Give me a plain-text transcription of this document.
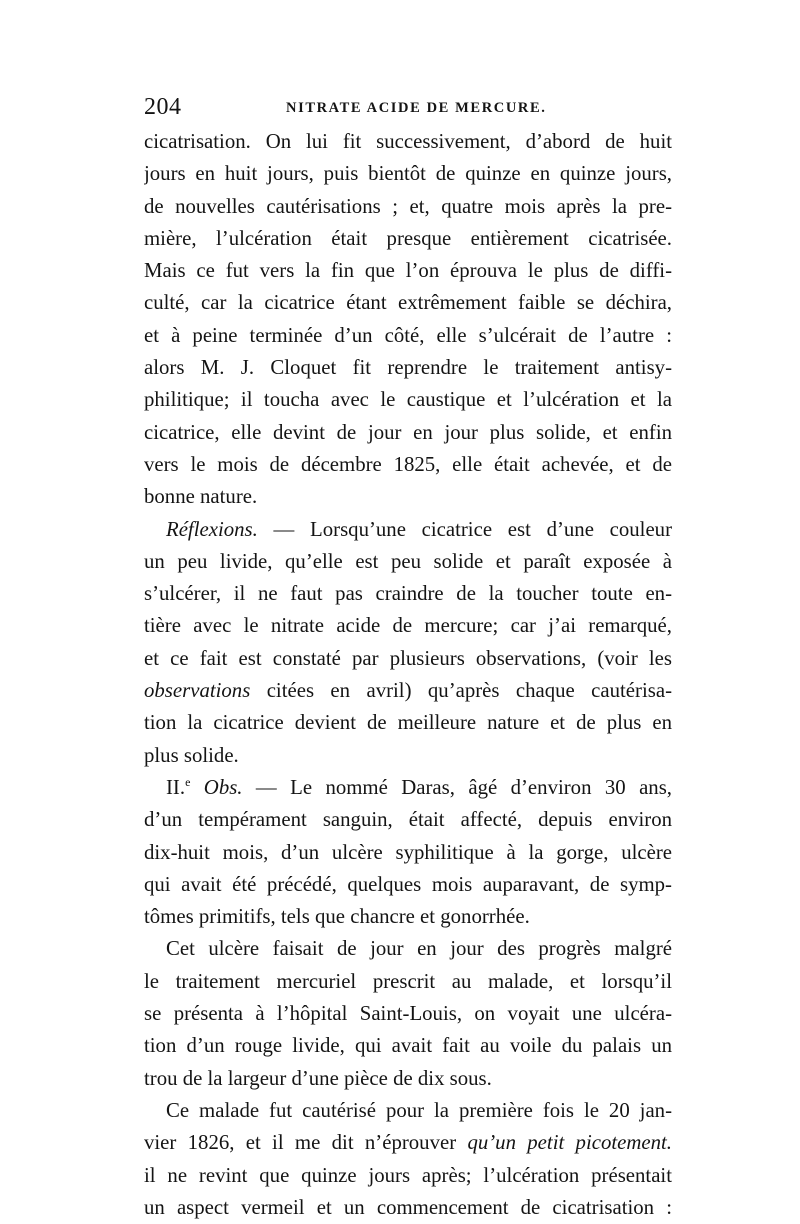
204	NITRATE ACIDE DE MERCURE.
cicatrisation. On lui fit successivement, d’abord de huit
jours en huit jours, puis bientôt de quinze en quinze jours,
de nouvelles cautérisations ; et, quatre mois après la pre-
mière, l’ulcération était presque entièrement cicatrisée.
Mais ce fut vers la fin que l’on éprouva le plus de diffi-
culté, car la cicatrice étant extrêmement faible se déchira,
et à peine terminée d’un côté, elle s’ulcérait de l’autre :
alors M. J. Cloquet fit reprendre le traitement antisy-
philitique; il toucha avec le caustique et l’ulcération et la
cicatrice, elle devint de jour en jour plus solide, et enfin
vers le mois de décembre 1825, elle était achevée, et de
bonne nature.
Réflexions. — Lorsqu’une cicatrice est d’une couleur
un peu livide, qu’elle est peu solide et paraît exposée à
s’ulcérer, il ne faut pas craindre de la toucher toute en-
tière avec le nitrate acide de mercure; car j’ai remarqué,
et ce fait est constaté par plusieurs observations, (voir les
observations citées en avril) qu’après chaque cautérisa-
tion la cicatrice devient de meilleure nature et de plus en
plus solide.
II.$^e$ Obs. — Le nommé Daras, âgé d’environ 30 ans,
d’un tempérament sanguin, était affecté, depuis environ
dix-huit mois, d’un ulcère syphilitique à la gorge, ulcère
qui avait été précédé, quelques mois auparavant, de symp-
tômes primitifs, tels que chancre et gonorrhée.
Cet ulcère faisait de jour en jour des progrès malgré
le traitement mercuriel prescrit au malade, et lorsqu’il
se présenta à l’hôpital Saint-Louis, on voyait une ulcéra-
tion d’un rouge livide, qui avait fait au voile du palais un
trou de la largeur d’une pièce de dix sous.
Ce malade fut cautérisé pour la première fois le 20 jan-
vier 1826, et il me dit n’éprouver qu’un petit picotement.
il ne revint que quinze jours après; l’ulcération présentait
un aspect vermeil et un commencement de cicatrisation :
